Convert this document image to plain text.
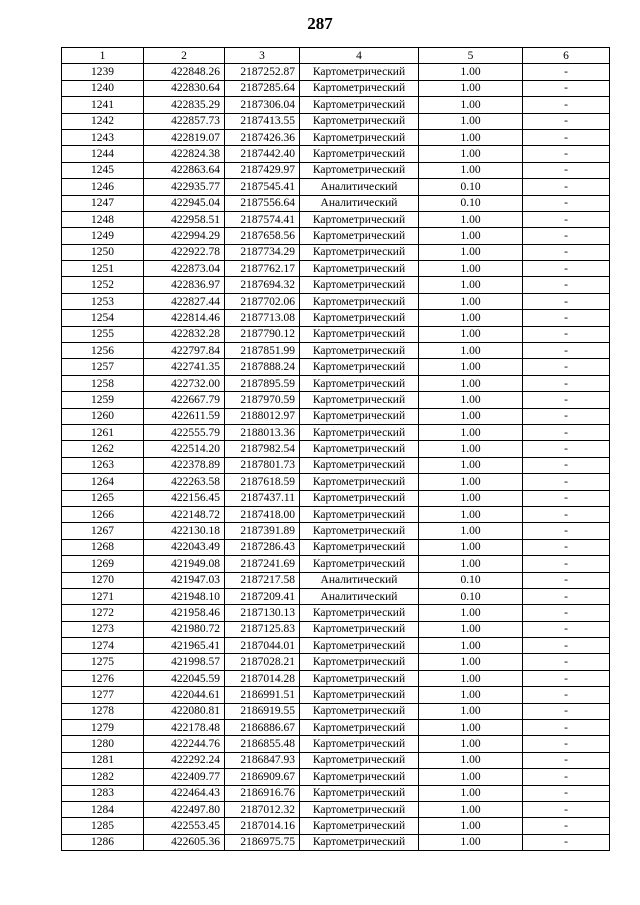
287
1	2	3	4	5	6
1239	422848.26	2187252.87	Картометрический	1.00	-
1240	422830.64	2187285.64	Картометрический	1.00	-
1241	422835.29	2187306.04	Картометрический	1.00	-
1242	422857.73	2187413.55	Картометрический	1.00	-
1243	422819.07	2187426.36	Картометрический	1.00	-
1244	422824.38	2187442.40	Картометрический	1.00	-
1245	422863.64	2187429.97	Картометрический	1.00	-
1246	422935.77	2187545.41	Аналитический	0.10	-
1247	422945.04	2187556.64	Аналитический	0.10	-
1248	422958.51	2187574.41	Картометрический	1.00	-
1249	422994.29	2187658.56	Картометрический	1.00	-
1250	422922.78	2187734.29	Картометрический	1.00	-
1251	422873.04	2187762.17	Картометрический	1.00	-
1252	422836.97	2187694.32	Картометрический	1.00	-
1253	422827.44	2187702.06	Картометрический	1.00	-
1254	422814.46	2187713.08	Картометрический	1.00	-
1255	422832.28	2187790.12	Картометрический	1.00	-
1256	422797.84	2187851.99	Картометрический	1.00	-
1257	422741.35	2187888.24	Картометрический	1.00	-
1258	422732.00	2187895.59	Картометрический	1.00	-
1259	422667.79	2187970.59	Картометрический	1.00	-
1260	422611.59	2188012.97	Картометрический	1.00	-
1261	422555.79	2188013.36	Картометрический	1.00	-
1262	422514.20	2187982.54	Картометрический	1.00	-
1263	422378.89	2187801.73	Картометрический	1.00	-
1264	422263.58	2187618.59	Картометрический	1.00	-
1265	422156.45	2187437.11	Картометрический	1.00	-
1266	422148.72	2187418.00	Картометрический	1.00	-
1267	422130.18	2187391.89	Картометрический	1.00	-
1268	422043.49	2187286.43	Картометрический	1.00	-
1269	421949.08	2187241.69	Картометрический	1.00	-
1270	421947.03	2187217.58	Аналитический	0.10	-
1271	421948.10	2187209.41	Аналитический	0.10	-
1272	421958.46	2187130.13	Картометрический	1.00	-
1273	421980.72	2187125.83	Картометрический	1.00	-
1274	421965.41	2187044.01	Картометрический	1.00	-
1275	421998.57	2187028.21	Картометрический	1.00	-
1276	422045.59	2187014.28	Картометрический	1.00	-
1277	422044.61	2186991.51	Картометрический	1.00	-
1278	422080.81	2186919.55	Картометрический	1.00	-
1279	422178.48	2186886.67	Картометрический	1.00	-
1280	422244.76	2186855.48	Картометрический	1.00	-
1281	422292.24	2186847.93	Картометрический	1.00	-
1282	422409.77	2186909.67	Картометрический	1.00	-
1283	422464.43	2186916.76	Картометрический	1.00	-
1284	422497.80	2187012.32	Картометрический	1.00	-
1285	422553.45	2187014.16	Картометрический	1.00	-
1286	422605.36	2186975.75	Картометрический	1.00	-
